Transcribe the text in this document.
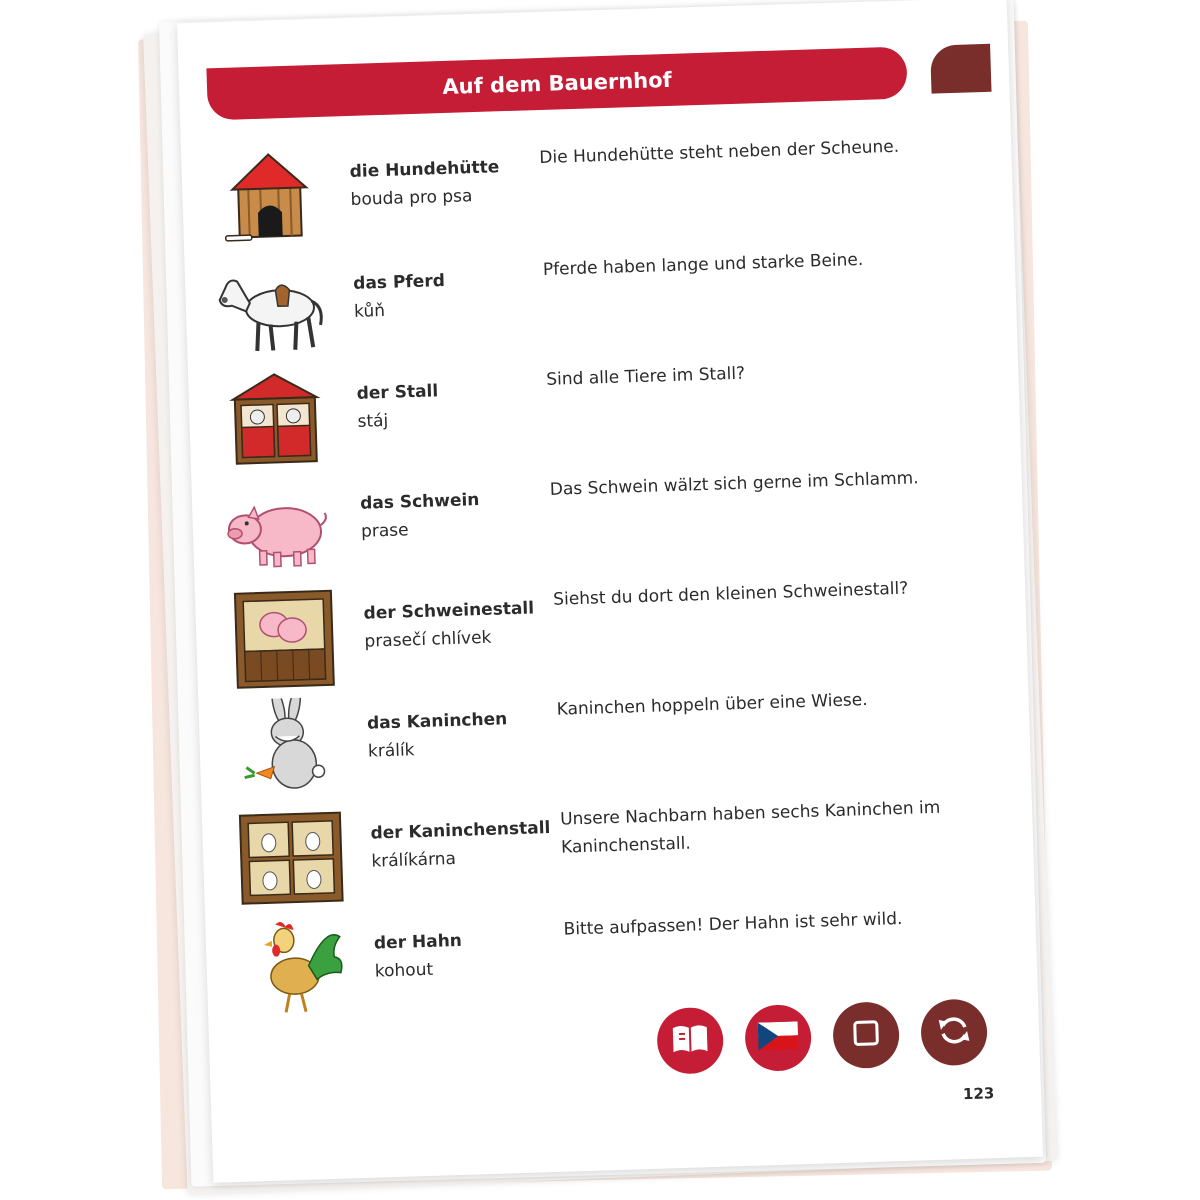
Auf dem Bauernhof
die Hundehütte
bouda pro psa
Die Hundehütte steht neben der Scheune.
das Pferd
kůň
Pferde haben lange und starke Beine.
der Stall
stáj
Sind alle Tiere im Stall?
das Schwein
prase
Das Schwein wälzt sich gerne im Schlamm.
der Schweinestall
prasečí chlívek
Siehst du dort den kleinen Schweinestall?
das Kaninchen
králík
Kaninchen hoppeln über eine Wiese.
der Kaninchenstall
králíkárna
Unsere Nachbarn haben sechs Kaninchen im Kaninchenstall.
der Hahn
kohout
Bitte aufpassen! Der Hahn ist sehr wild.
123
